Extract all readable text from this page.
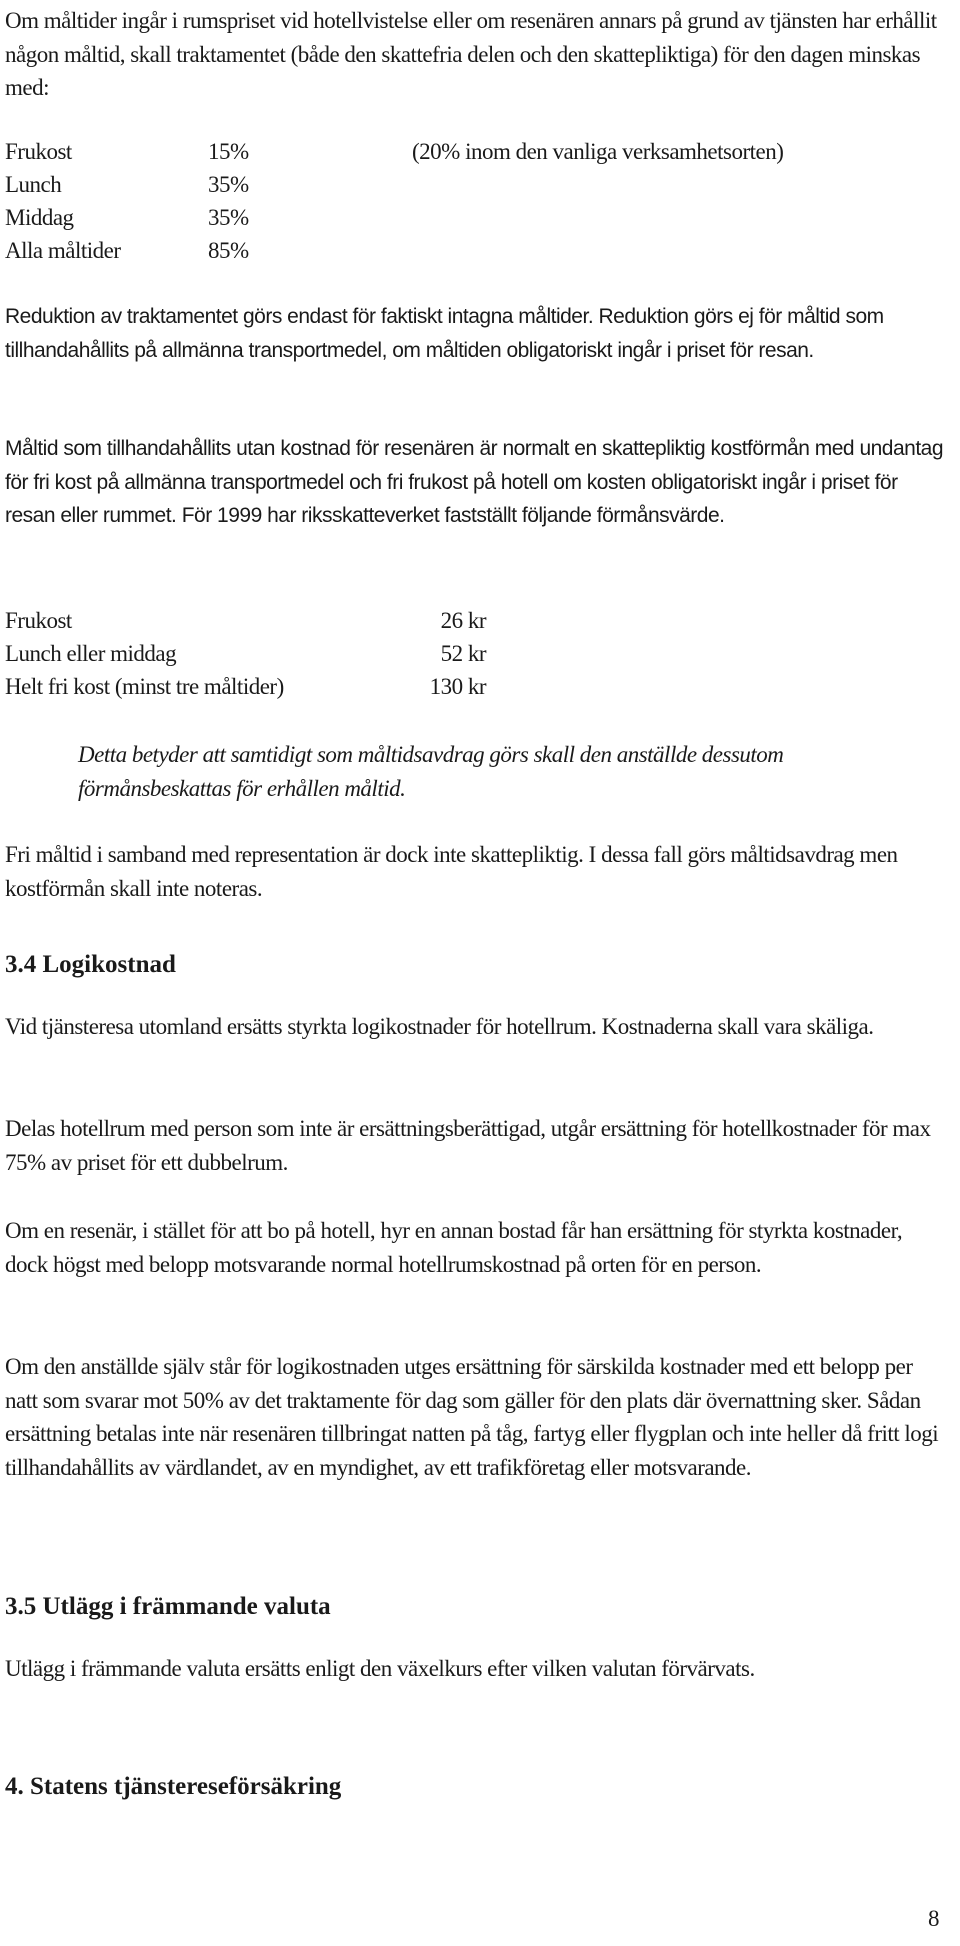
Om måltider ingår i rumspriset vid hotellvistelse eller om resenären annars på grund av tjänsten har erhållit någon måltid, skall traktamentet (både den skattefria delen och den skattepliktiga) för den dagen minskas med:

Frukost	15%	(20% inom den vanliga verksamhetsorten)
Lunch	35%
Middag	35%
Alla måltider	85%

Reduktion av traktamentet görs endast för faktiskt intagna måltider. Reduktion görs ej för måltid som tillhandahållits på allmänna transportmedel, om måltiden obligatoriskt ingår i priset för resan.

Måltid som tillhandahållits utan kostnad för resenären är normalt en skattepliktig kostförmån med undantag för fri kost på allmänna transportmedel och fri frukost på hotell om kosten obligatoriskt ingår i priset för resan eller rummet. För 1999 har riksskatteverket fastställt följande förmånsvärde.

Frukost	26 kr
Lunch eller middag	52 kr
Helt fri kost (minst tre måltider)	130 kr

Detta betyder att samtidigt som måltidsavdrag görs skall den anställde dessutom förmånsbeskattas för erhållen måltid.

Fri måltid i samband med representation är dock inte skattepliktig. I dessa fall görs måltidsavdrag men kostförmån skall inte noteras.

3.4 Logikostnad

Vid tjänsteresa utomland ersätts styrkta logikostnader för hotellrum. Kostnaderna skall vara skäliga.

Delas hotellrum med person som inte är ersättningsberättigad, utgår ersättning för hotellkostnader för max 75% av priset för ett dubbelrum.

Om en resenär, i stället för att bo på hotell, hyr en annan bostad får han ersättning för styrkta kostnader, dock högst med belopp motsvarande normal hotellrumskostnad på orten för en person.

Om den anställde själv står för logikostnaden utges ersättning för särskilda kostnader med ett belopp per natt som svarar mot 50% av det traktamente för dag som gäller för den plats där övernattning sker. Sådan ersättning betalas inte när resenären tillbringat natten på tåg, fartyg eller flygplan och inte heller då fritt logi tillhandahållits av värdlandet, av en myndighet, av ett trafikföretag eller motsvarande.

3.5 Utlägg i främmande valuta

Utlägg i främmande valuta ersätts enligt den växelkurs efter vilken valutan förvärvats.

4. Statens tjänstereseförsäkring
8
